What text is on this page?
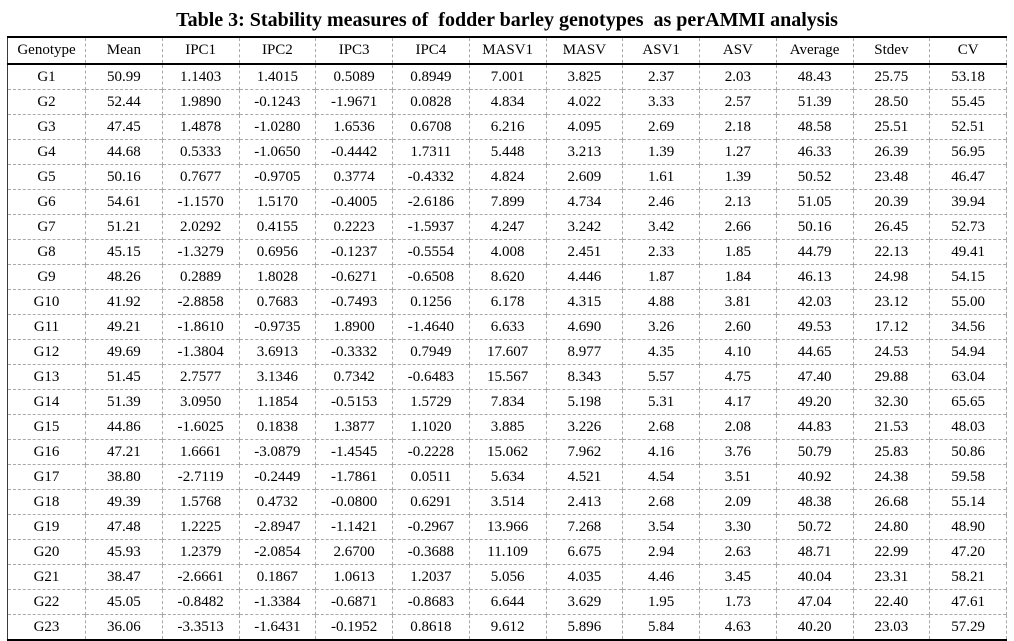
Table 3: Stability measures of  fodder barley genotypes  as perAMMI analysis
Genotype	Mean	IPC1	IPC2	IPC3	IPC4	MASV1	MASV	ASV1	ASV	Average	Stdev	CV
G1	50.99	1.1403	1.4015	0.5089	0.8949	7.001	3.825	2.37	2.03	48.43	25.75	53.18
G2	52.44	1.9890	-0.1243	-1.9671	0.0828	4.834	4.022	3.33	2.57	51.39	28.50	55.45
G3	47.45	1.4878	-1.0280	1.6536	0.6708	6.216	4.095	2.69	2.18	48.58	25.51	52.51
G4	44.68	0.5333	-1.0650	-0.4442	1.7311	5.448	3.213	1.39	1.27	46.33	26.39	56.95
G5	50.16	0.7677	-0.9705	0.3774	-0.4332	4.824	2.609	1.61	1.39	50.52	23.48	46.47
G6	54.61	-1.1570	1.5170	-0.4005	-2.6186	7.899	4.734	2.46	2.13	51.05	20.39	39.94
G7	51.21	2.0292	0.4155	0.2223	-1.5937	4.247	3.242	3.42	2.66	50.16	26.45	52.73
G8	45.15	-1.3279	0.6956	-0.1237	-0.5554	4.008	2.451	2.33	1.85	44.79	22.13	49.41
G9	48.26	0.2889	1.8028	-0.6271	-0.6508	8.620	4.446	1.87	1.84	46.13	24.98	54.15
G10	41.92	-2.8858	0.7683	-0.7493	0.1256	6.178	4.315	4.88	3.81	42.03	23.12	55.00
G11	49.21	-1.8610	-0.9735	1.8900	-1.4640	6.633	4.690	3.26	2.60	49.53	17.12	34.56
G12	49.69	-1.3804	3.6913	-0.3332	0.7949	17.607	8.977	4.35	4.10	44.65	24.53	54.94
G13	51.45	2.7577	3.1346	0.7342	-0.6483	15.567	8.343	5.57	4.75	47.40	29.88	63.04
G14	51.39	3.0950	1.1854	-0.5153	1.5729	7.834	5.198	5.31	4.17	49.20	32.30	65.65
G15	44.86	-1.6025	0.1838	1.3877	1.1020	3.885	3.226	2.68	2.08	44.83	21.53	48.03
G16	47.21	1.6661	-3.0879	-1.4545	-0.2228	15.062	7.962	4.16	3.76	50.79	25.83	50.86
G17	38.80	-2.7119	-0.2449	-1.7861	0.0511	5.634	4.521	4.54	3.51	40.92	24.38	59.58
G18	49.39	1.5768	0.4732	-0.0800	0.6291	3.514	2.413	2.68	2.09	48.38	26.68	55.14
G19	47.48	1.2225	-2.8947	-1.1421	-0.2967	13.966	7.268	3.54	3.30	50.72	24.80	48.90
G20	45.93	1.2379	-2.0854	2.6700	-0.3688	11.109	6.675	2.94	2.63	48.71	22.99	47.20
G21	38.47	-2.6661	0.1867	1.0613	1.2037	5.056	4.035	4.46	3.45	40.04	23.31	58.21
G22	45.05	-0.8482	-1.3384	-0.6871	-0.8683	6.644	3.629	1.95	1.73	47.04	22.40	47.61
G23	36.06	-3.3513	-1.6431	-0.1952	0.8618	9.612	5.896	5.84	4.63	40.20	23.03	57.29
